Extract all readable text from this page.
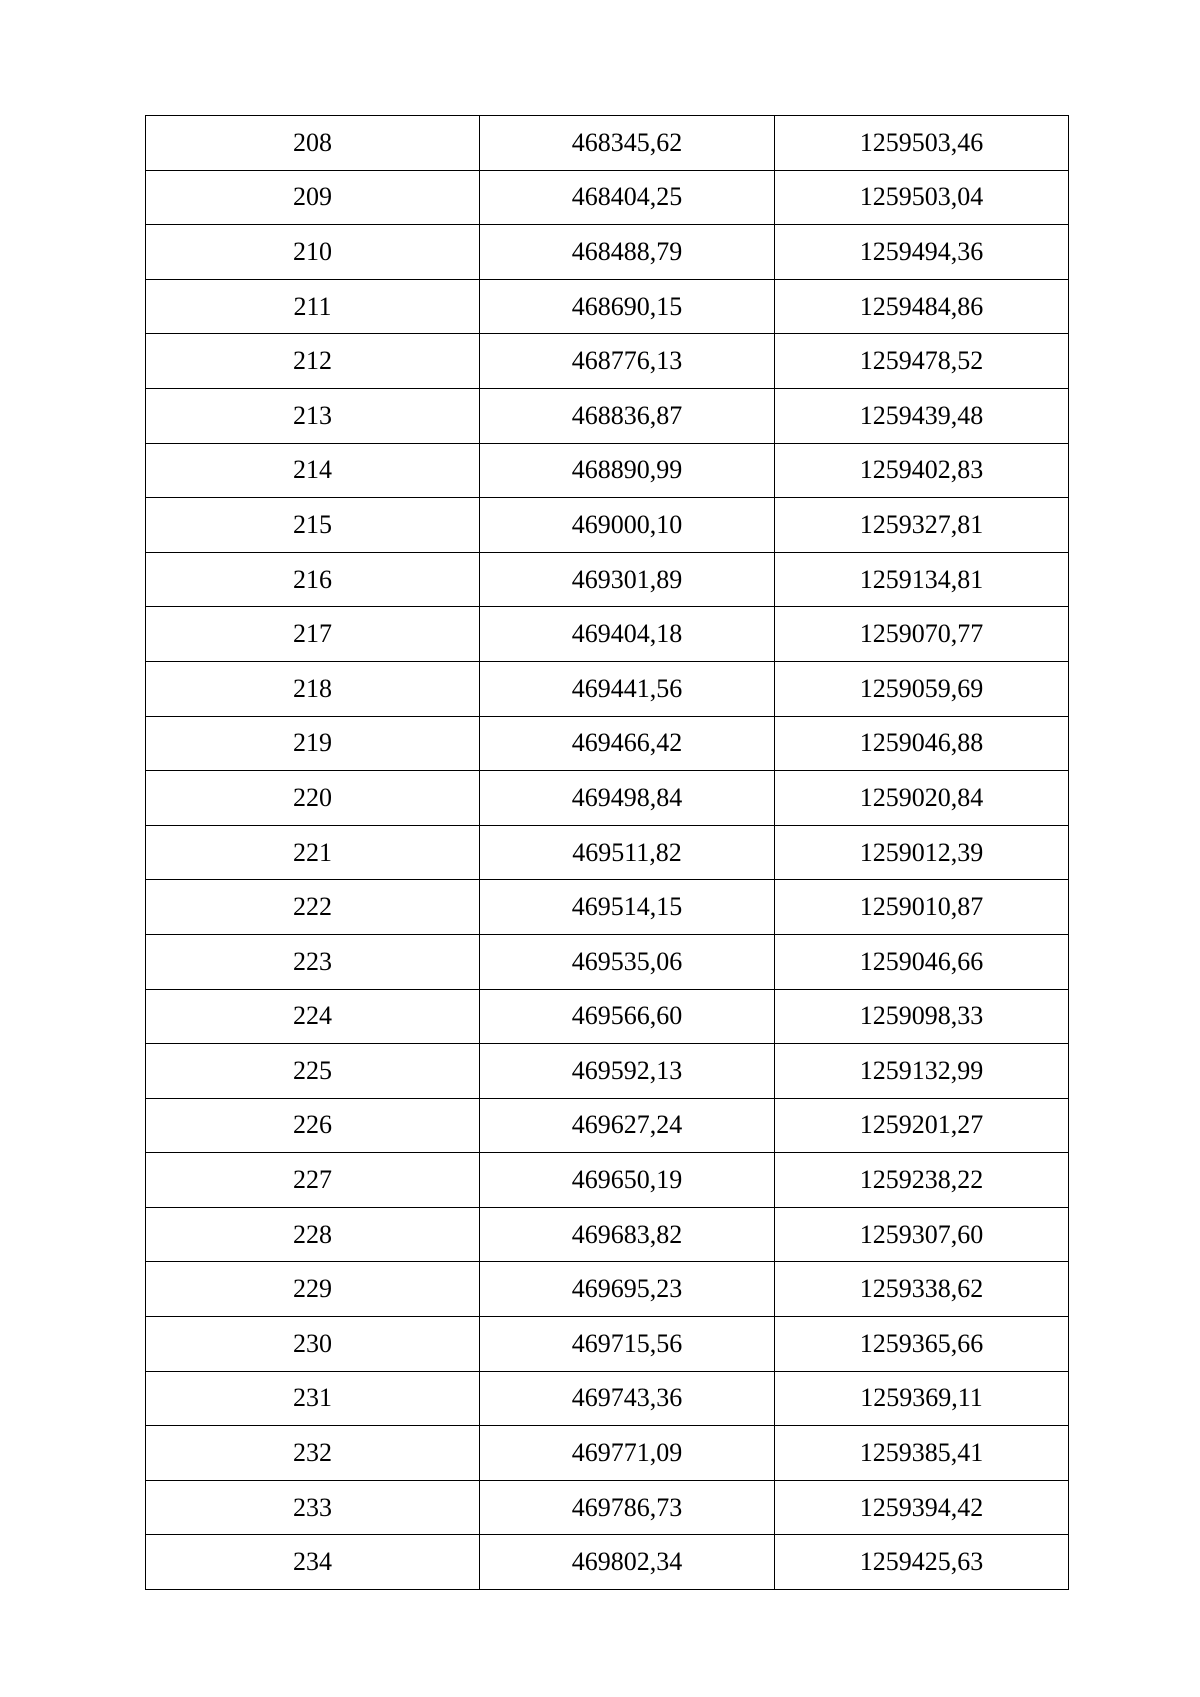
208	468345,62	1259503,46
209	468404,25	1259503,04
210	468488,79	1259494,36
211	468690,15	1259484,86
212	468776,13	1259478,52
213	468836,87	1259439,48
214	468890,99	1259402,83
215	469000,10	1259327,81
216	469301,89	1259134,81
217	469404,18	1259070,77
218	469441,56	1259059,69
219	469466,42	1259046,88
220	469498,84	1259020,84
221	469511,82	1259012,39
222	469514,15	1259010,87
223	469535,06	1259046,66
224	469566,60	1259098,33
225	469592,13	1259132,99
226	469627,24	1259201,27
227	469650,19	1259238,22
228	469683,82	1259307,60
229	469695,23	1259338,62
230	469715,56	1259365,66
231	469743,36	1259369,11
232	469771,09	1259385,41
233	469786,73	1259394,42
234	469802,34	1259425,63
